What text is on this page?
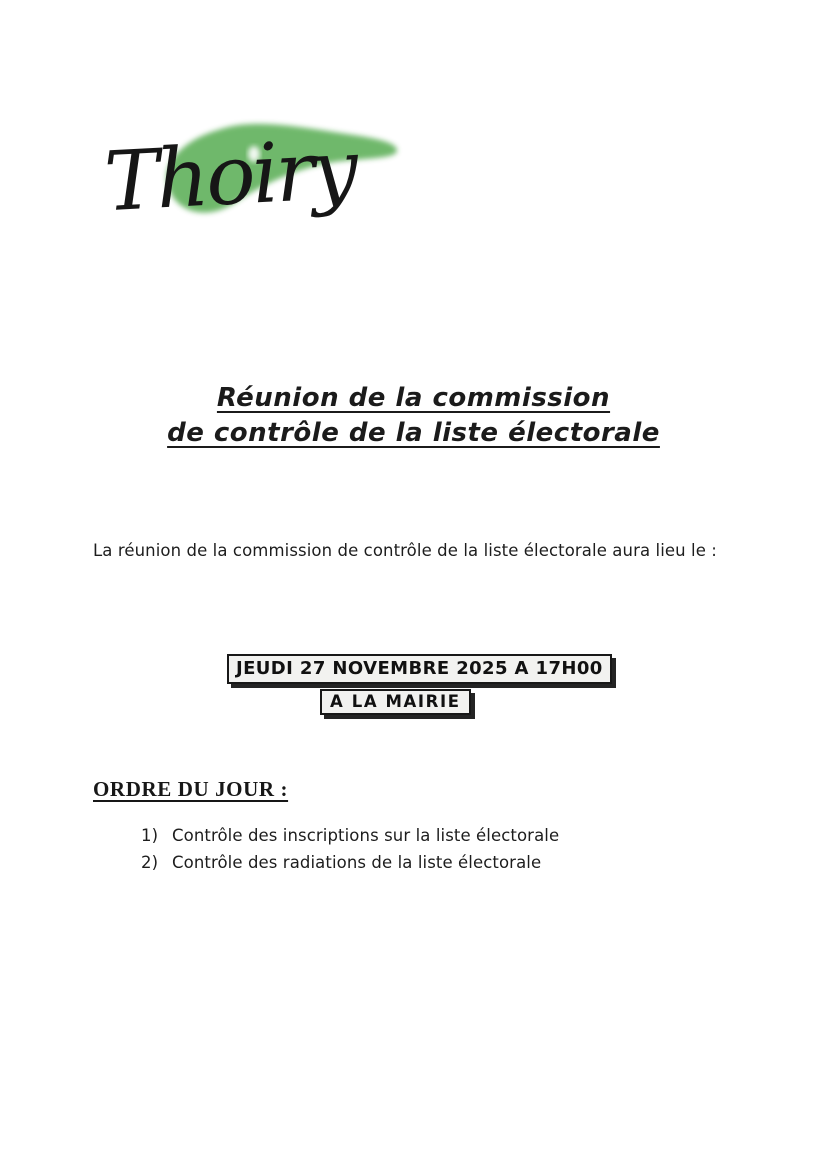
Thoiry
Réunion de la commission
de contrôle de la liste électorale

La réunion de la commission de contrôle de la liste électorale aura lieu le :

JEUDI 27 NOVEMBRE 2025 A 17H00
A LA MAIRIE
ORDRE DU JOUR :
1) Contrôle des inscriptions sur la liste électorale
2) Contrôle des radiations de la liste électorale
